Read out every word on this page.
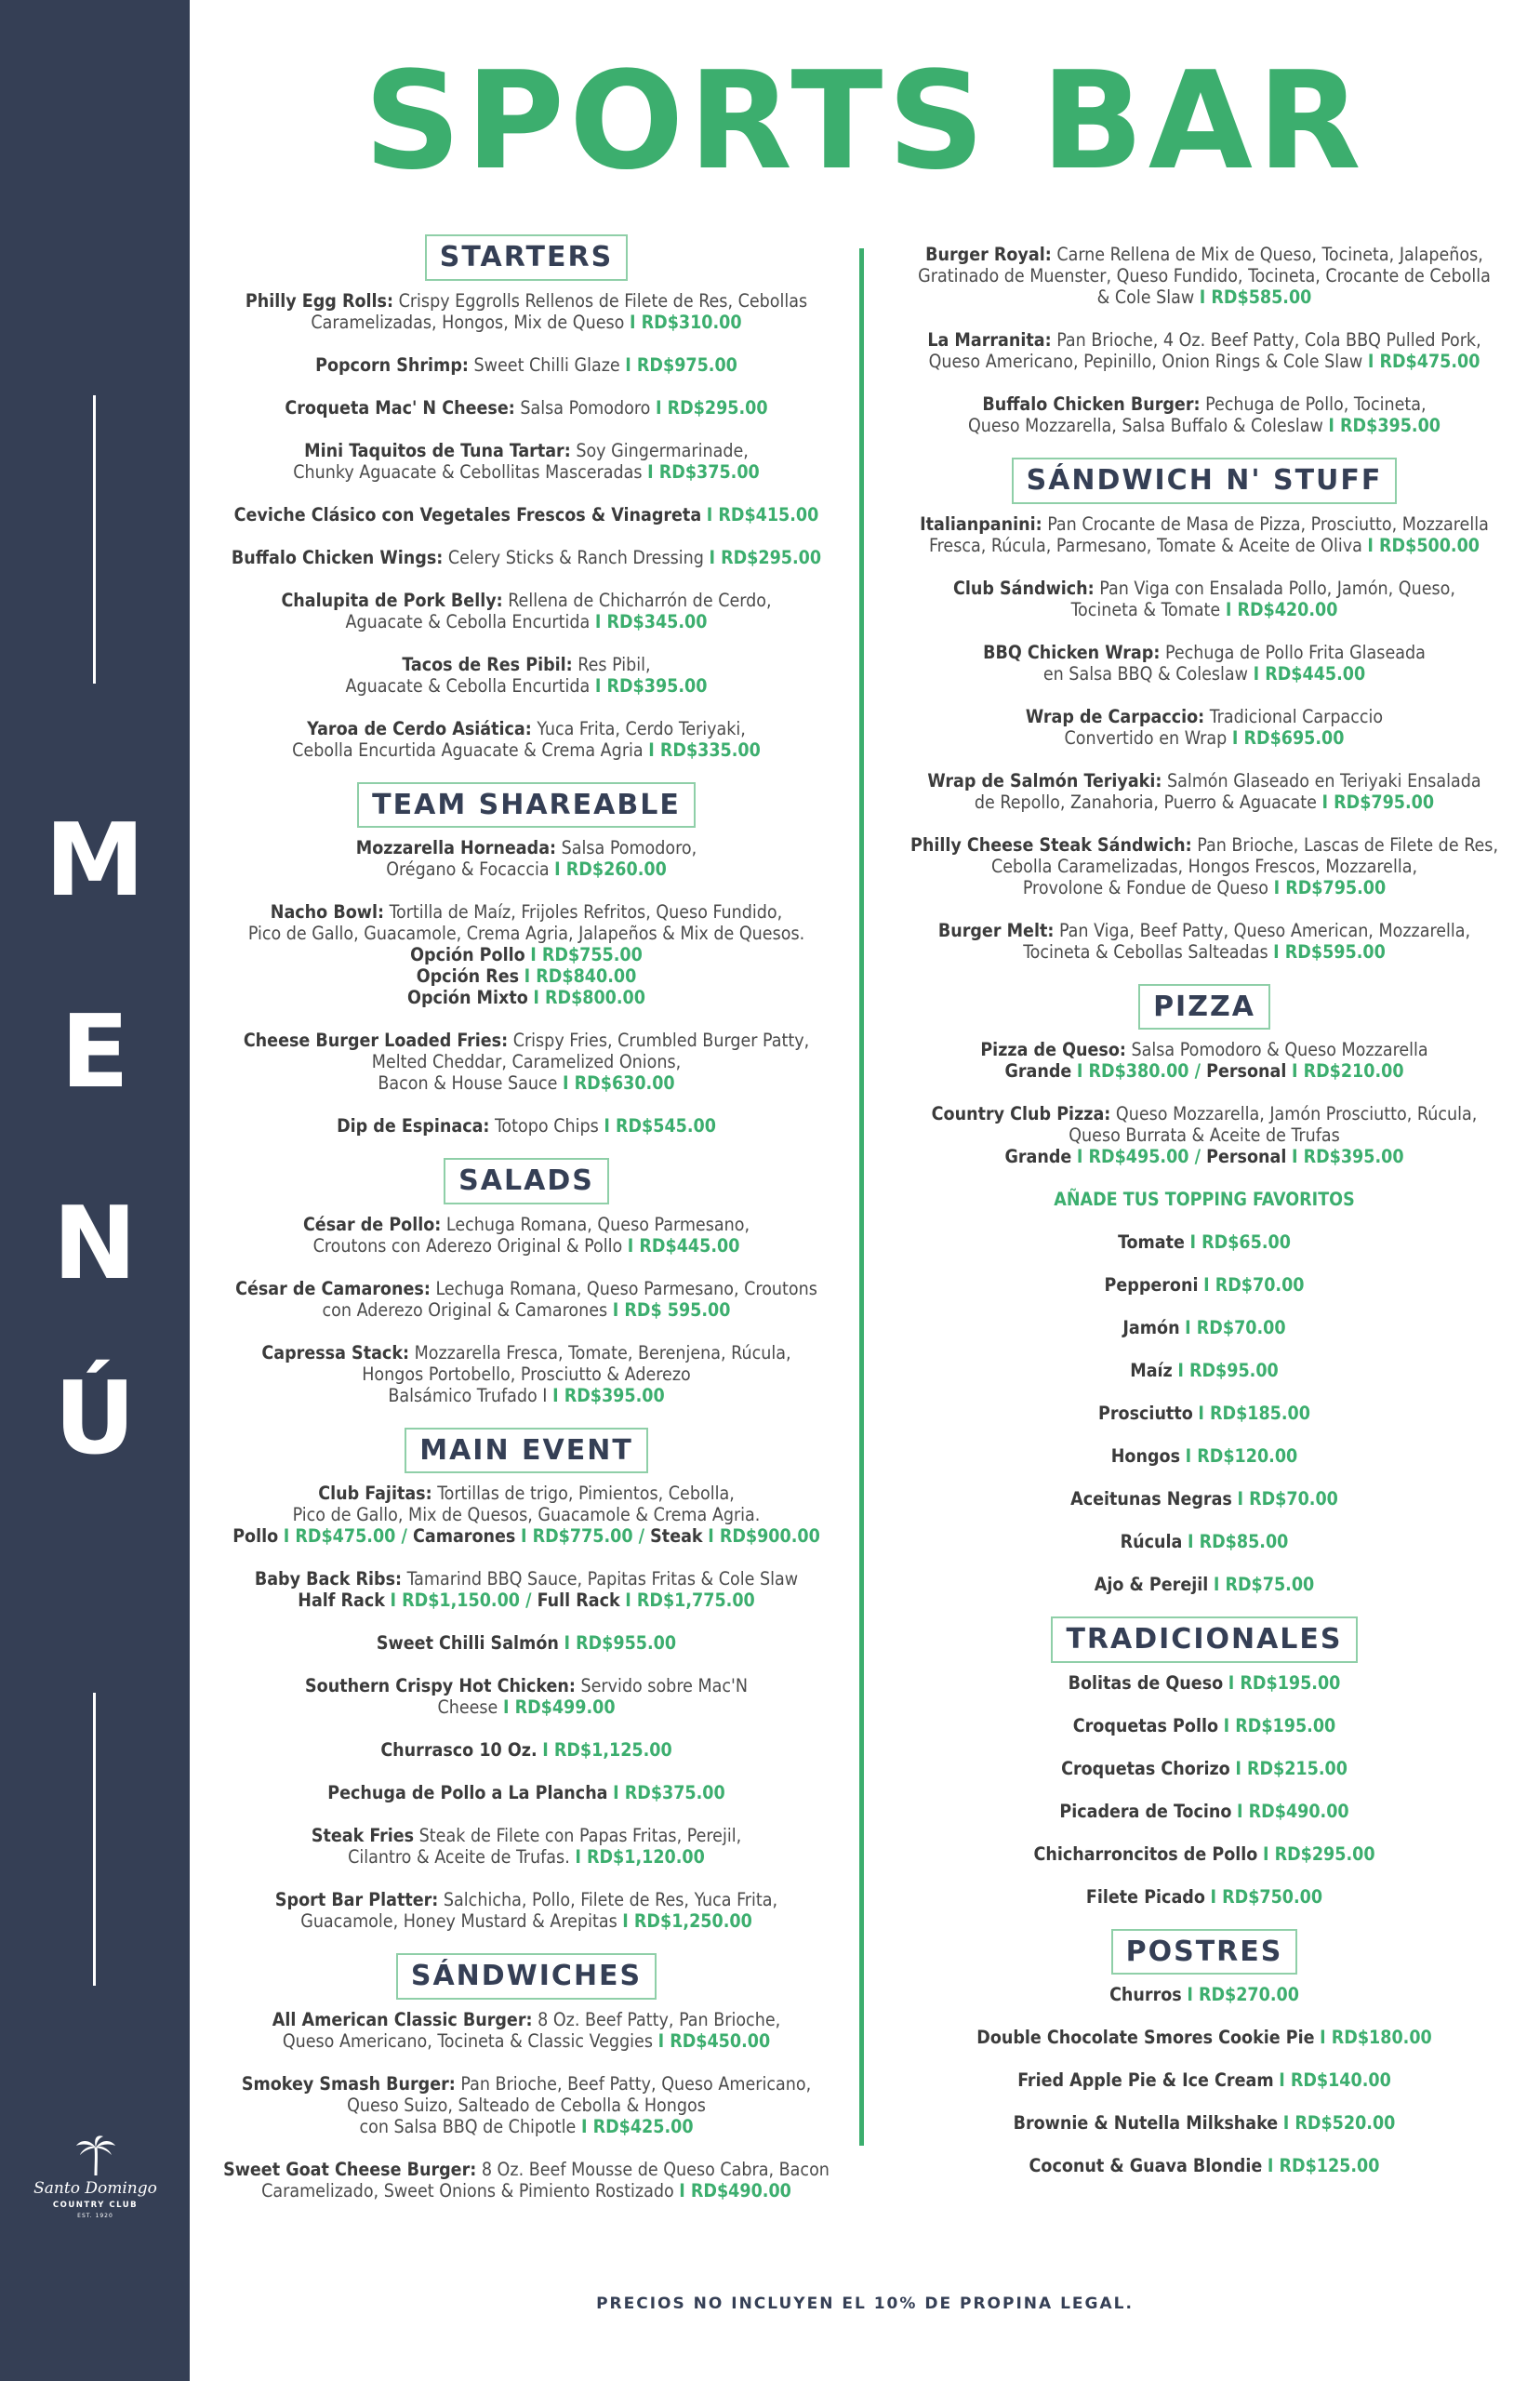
M
E
N
Ú
Santo Domingo
COUNTRY CLUB
EST. 1920
SPORTS BAR
STARTERS
Philly Egg Rolls: Crispy Eggrolls Rellenos de Filete de Res, Cebollas
Caramelizadas, Hongos, Mix de Queso I RD$310.00
Popcorn Shrimp: Sweet Chilli Glaze I RD$975.00
Croqueta Mac' N Cheese: Salsa Pomodoro I RD$295.00
Mini Taquitos de Tuna Tartar: Soy Gingermarinade,
Chunky Aguacate & Cebollitas Masceradas I RD$375.00
Ceviche Clásico con Vegetales Frescos & Vinagreta I RD$415.00
Buffalo Chicken Wings: Celery Sticks & Ranch Dressing I RD$295.00
Chalupita de Pork Belly: Rellena de Chicharrón de Cerdo,
Aguacate & Cebolla Encurtida I RD$345.00
Tacos de Res Pibil: Res Pibil,
Aguacate & Cebolla Encurtida I RD$395.00
Yaroa de Cerdo Asiática: Yuca Frita, Cerdo Teriyaki,
Cebolla Encurtida Aguacate & Crema Agria I RD$335.00
TEAM SHAREABLE
Mozzarella Horneada: Salsa Pomodoro,
Orégano & Focaccia I RD$260.00
Nacho Bowl: Tortilla de Maíz, Frijoles Refritos, Queso Fundido,
Pico de Gallo, Guacamole, Crema Agria, Jalapeños & Mix de Quesos.
Opción Pollo I RD$755.00
Opción Res I RD$840.00
Opción Mixto I RD$800.00
Cheese Burger Loaded Fries: Crispy Fries, Crumbled Burger Patty,
Melted Cheddar, Caramelized Onions,
Bacon & House Sauce I RD$630.00
Dip de Espinaca: Totopo Chips I RD$545.00
SALADS
César de Pollo: Lechuga Romana, Queso Parmesano,
Croutons con Aderezo Original & Pollo I RD$445.00
César de Camarones: Lechuga Romana, Queso Parmesano, Croutons
con Aderezo Original & Camarones I RD$ 595.00
Capressa Stack: Mozzarella Fresca, Tomate, Berenjena, Rúcula,
Hongos Portobello, Prosciutto & Aderezo
Balsámico Trufado I I RD$395.00
MAIN EVENT
Club Fajitas: Tortillas de trigo, Pimientos, Cebolla,
Pico de Gallo, Mix de Quesos, Guacamole & Crema Agria.
Pollo I RD$475.00 / Camarones I RD$775.00 / Steak I RD$900.00
Baby Back Ribs: Tamarind BBQ Sauce, Papitas Fritas & Cole Slaw
Half Rack I RD$1,150.00 / Full Rack I RD$1,775.00
Sweet Chilli Salmón I RD$955.00
Southern Crispy Hot Chicken: Servido sobre Mac'N
Cheese I RD$499.00
Churrasco 10 Oz. I RD$1,125.00
Pechuga de Pollo a La Plancha I RD$375.00
Steak Fries Steak de Filete con Papas Fritas, Perejil,
Cilantro & Aceite de Trufas. I RD$1,120.00
Sport Bar Platter: Salchicha, Pollo, Filete de Res, Yuca Frita,
Guacamole, Honey Mustard & Arepitas I RD$1,250.00
SÁNDWICHES
All American Classic Burger: 8 Oz. Beef Patty, Pan Brioche,
Queso Americano, Tocineta & Classic Veggies I RD$450.00
Smokey Smash Burger: Pan Brioche, Beef Patty, Queso Americano,
Queso Suizo, Salteado de Cebolla & Hongos
con Salsa BBQ de Chipotle I RD$425.00
Sweet Goat Cheese Burger: 8 Oz. Beef Mousse de Queso Cabra, Bacon
Caramelizado, Sweet Onions & Pimiento Rostizado I RD$490.00
Burger Royal: Carne Rellena de Mix de Queso, Tocineta, Jalapeños,
Gratinado de Muenster, Queso Fundido, Tocineta, Crocante de Cebolla
& Cole Slaw I RD$585.00
La Marranita: Pan Brioche, 4 Oz. Beef Patty, Cola BBQ Pulled Pork,
Queso Americano, Pepinillo, Onion Rings & Cole Slaw I RD$475.00
Buffalo Chicken Burger: Pechuga de Pollo, Tocineta,
Queso Mozzarella, Salsa Buffalo & Coleslaw I RD$395.00
SÁNDWICH N' STUFF
Italianpanini: Pan Crocante de Masa de Pizza, Prosciutto, Mozzarella
Fresca, Rúcula, Parmesano, Tomate & Aceite de Oliva I RD$500.00
Club Sándwich: Pan Viga con Ensalada Pollo, Jamón, Queso,
Tocineta & Tomate I RD$420.00
BBQ Chicken Wrap: Pechuga de Pollo Frita Glaseada
en Salsa BBQ & Coleslaw I RD$445.00
Wrap de Carpaccio: Tradicional Carpaccio
Convertido en Wrap I RD$695.00
Wrap de Salmón Teriyaki: Salmón Glaseado en Teriyaki Ensalada
de Repollo, Zanahoria, Puerro & Aguacate I RD$795.00
Philly Cheese Steak Sándwich: Pan Brioche, Lascas de Filete de Res,
Cebolla Caramelizadas, Hongos Frescos, Mozzarella,
Provolone & Fondue de Queso I RD$795.00
Burger Melt: Pan Viga, Beef Patty, Queso American, Mozzarella,
Tocineta & Cebollas Salteadas I RD$595.00
PIZZA
Pizza de Queso: Salsa Pomodoro & Queso Mozzarella
Grande I RD$380.00 / Personal I RD$210.00
Country Club Pizza: Queso Mozzarella, Jamón Prosciutto, Rúcula,
Queso Burrata & Aceite de Trufas
Grande I RD$495.00 / Personal I RD$395.00
AÑADE TUS TOPPING FAVORITOS
Tomate I RD$65.00
Pepperoni I RD$70.00
Jamón I RD$70.00
Maíz I RD$95.00
Prosciutto I RD$185.00
Hongos I RD$120.00
Aceitunas Negras I RD$70.00
Rúcula I RD$85.00
Ajo & Perejil I RD$75.00
TRADICIONALES
Bolitas de Queso I RD$195.00
Croquetas Pollo I RD$195.00
Croquetas Chorizo I RD$215.00
Picadera de Tocino I RD$490.00
Chicharroncitos de Pollo I RD$295.00
Filete Picado I RD$750.00
POSTRES
Churros I RD$270.00
Double Chocolate Smores Cookie Pie I RD$180.00
Fried Apple Pie & Ice Cream I RD$140.00
Brownie & Nutella Milkshake I RD$520.00
Coconut & Guava Blondie I RD$125.00
PRECIOS NO INCLUYEN EL 10% DE PROPINA LEGAL.
